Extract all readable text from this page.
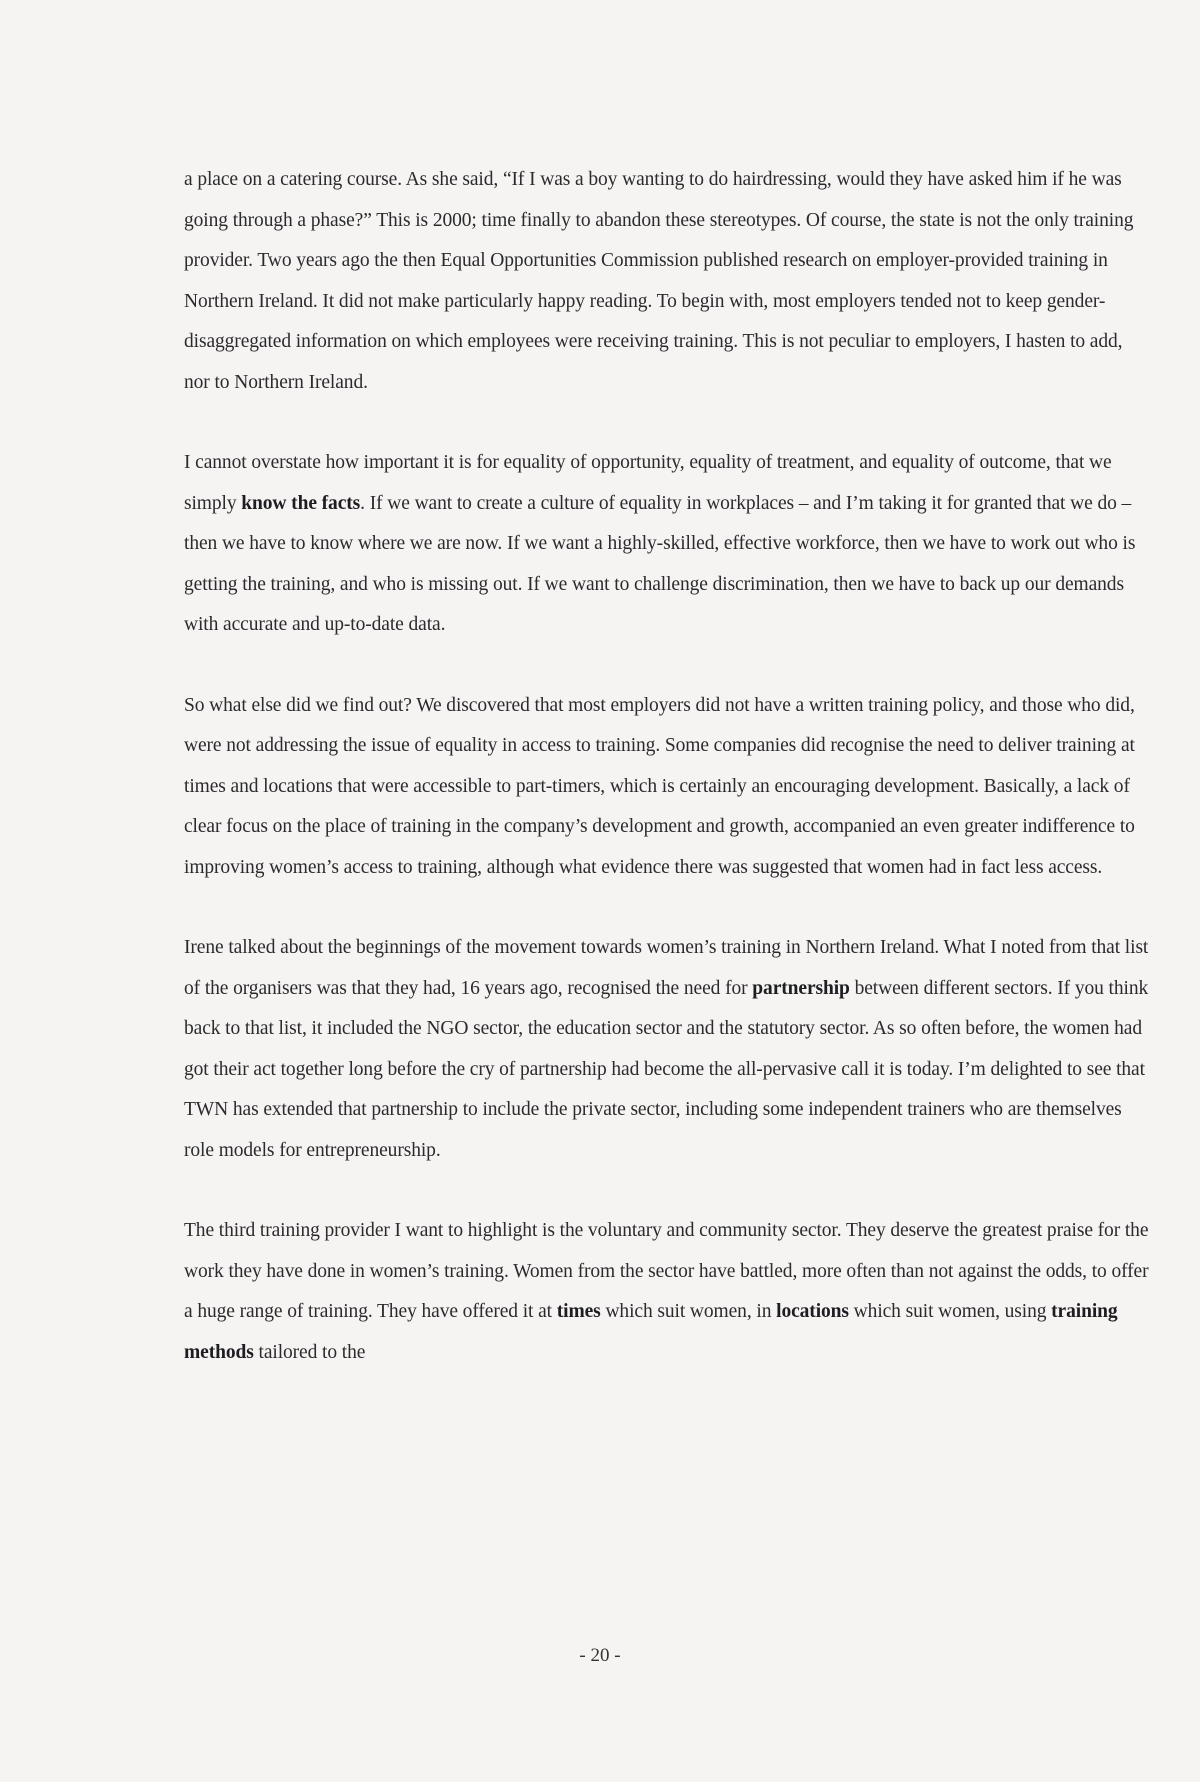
a place on a catering course. As she said, “If I was a boy wanting to do hairdressing, would they have asked him if he was going through a phase?” This is 2000; time finally to abandon these stereotypes. Of course, the state is not the only training provider. Two years ago the then Equal Opportunities Commission published research on employer-provided training in Northern Ireland. It did not make particularly happy reading. To begin with, most employers tended not to keep gender-disaggregated information on which employees were receiving training. This is not peculiar to employers, I hasten to add, nor to Northern Ireland.

I cannot overstate how important it is for equality of opportunity, equality of treatment, and equality of outcome, that we simply know the facts. If we want to create a culture of equality in workplaces – and I’m taking it for granted that we do – then we have to know where we are now. If we want a highly-skilled, effective workforce, then we have to work out who is getting the training, and who is missing out. If we want to challenge discrimination, then we have to back up our demands with accurate and up-to-date data.

So what else did we find out? We discovered that most employers did not have a written training policy, and those who did, were not addressing the issue of equality in access to training. Some companies did recognise the need to deliver training at times and locations that were accessible to part-timers, which is certainly an encouraging development. Basically, a lack of clear focus on the place of training in the company’s development and growth, accompanied an even greater indifference to improving women’s access to training, although what evidence there was suggested that women had in fact less access.

Irene talked about the beginnings of the movement towards women’s training in Northern Ireland. What I noted from that list of the organisers was that they had, 16 years ago, recognised the need for partnership between different sectors. If you think back to that list, it included the NGO sector, the education sector and the statutory sector. As so often before, the women had got their act together long before the cry of partnership had become the all-pervasive call it is today. I’m delighted to see that TWN has extended that partnership to include the private sector, including some independent trainers who are themselves role models for entrepreneurship.

The third training provider I want to highlight is the voluntary and community sector. They deserve the greatest praise for the work they have done in women’s training. Women from the sector have battled, more often than not against the odds, to offer a huge range of training. They have offered it at times which suit women, in locations which suit women, using training methods tailored to the

- 20 -
